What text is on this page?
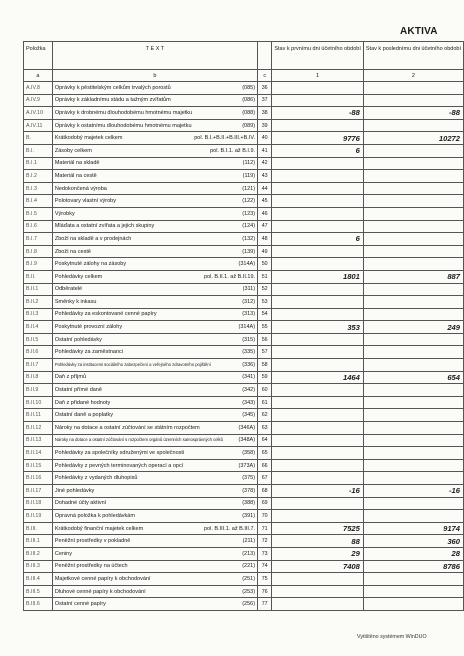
AKTIVA
Položka	T E X T		Stav k prvnímu dni účetního období	Stav k poslednímu dni účetního období
a	b	c	1	2
A.IV.8	Oprávky k pěstitelským celkům trvalých porostů (085)	36		
A.IV.9	Oprávky k základnímu stádu a tažným zvířatům (086)	37		
A.IV.10	Oprávky k drobnému dlouhodobému hmotnému majetku (088)	38	-88	-88
A.IV.11	Oprávky k ostatnímu dlouhodobému hmotnému majetku (089)	39		
B.	Krátkodobý majetek celkem pol. B.I.+B.II.+B.III.+B.IV.	40	9776	10272
B.I.	Zásoby celkem pol. B.I.1. až B.I.9.	41	6	
B.I.1	Materiál na skladě (112)	42		
B.I.2	Materiál na cestě (119)	43		
B.I.3	Nedokončená výroba (121)	44		
B.I.4	Polotovary vlastní výroby (122)	45		
B.I.5	Výrobky (123)	46		
B.I.6	Mláďata a ostatní zvířata a jejich skupiny (124)	47		
B.I.7	Zboží na skladě a v prodejnách (132)	48	6	
B.I.8	Zboží na cestě (139)	49		
B.I.9	Poskytnuté zálohy na zásoby (314A)	50		
B.II.	Pohledávky celkem pol. B.II.1. až B.II.19.	51	1801	887
B.II.1	Odběratelé (311)	52		
B.II.2	Směnky k inkasu (312)	53		
B.II.3	Pohledávky za eskontované cenné papíry (313)	54		
B.II.4	Poskytnuté provozní zálohy (314A)	55	353	249
B.II.5	Ostatní pohledávky (315)	56		
B.II.6	Pohledávky za zaměstnanci (335)	57		
B.II.7	Pohledávky za institucemi sociálního zabezpečení a veřejného zdravotního pojištění (336)	58		
B.II.8	Daň z příjmů (341)	59	1464	654
B.II.9	Ostatní přímé daně (342)	60		
B.II.10	Daň z přidané hodnoty (343)	61		
B.II.11	Ostatní daně a poplatky (345)	62		
B.II.12	Nároky na dotace a ostatní zúčtování se státním rozpočtem (346A)	63		
B.II.13	Nároky na dotace a ostatní zúčtování s rozpočtem orgánů územních samosprávných celků (348A)	64		
B.II.14	Pohledávky za společníky sdruženými ve společnosti (358)	65		
B.II.15	Pohledávky z pevných terminovaných operací a opcí (373A)	66		
B.II.16	Pohledávky z vydaných dluhopisů (375)	67		
B.II.17	Jiné pohledávky (378)	68	-16	-16
B.II.18	Dohadné účty aktivní (388)	69		
B.II.19	Opravná položka k pohledávkám (391)	70		
B.III.	Krátkodobý finanční majetek celkem pol. B.III.1. až B.III.7.	71	7525	9174
B.III.1	Peněžní prostředky v pokladně (211)	72	88	360
B.III.2	Ceniny (213)	73	29	28
B.III.3	Peněžní prostředky na účtech (221)	74	7408	8786
B.III.4	Majetkové cenné papíry k obchodování (251)	75		
B.III.5	Dluhové cenné papíry k obchodování (253)	76		
B.III.6	Ostatní cenné papíry (256)	77		
Vytištěno systémem WinDUO
